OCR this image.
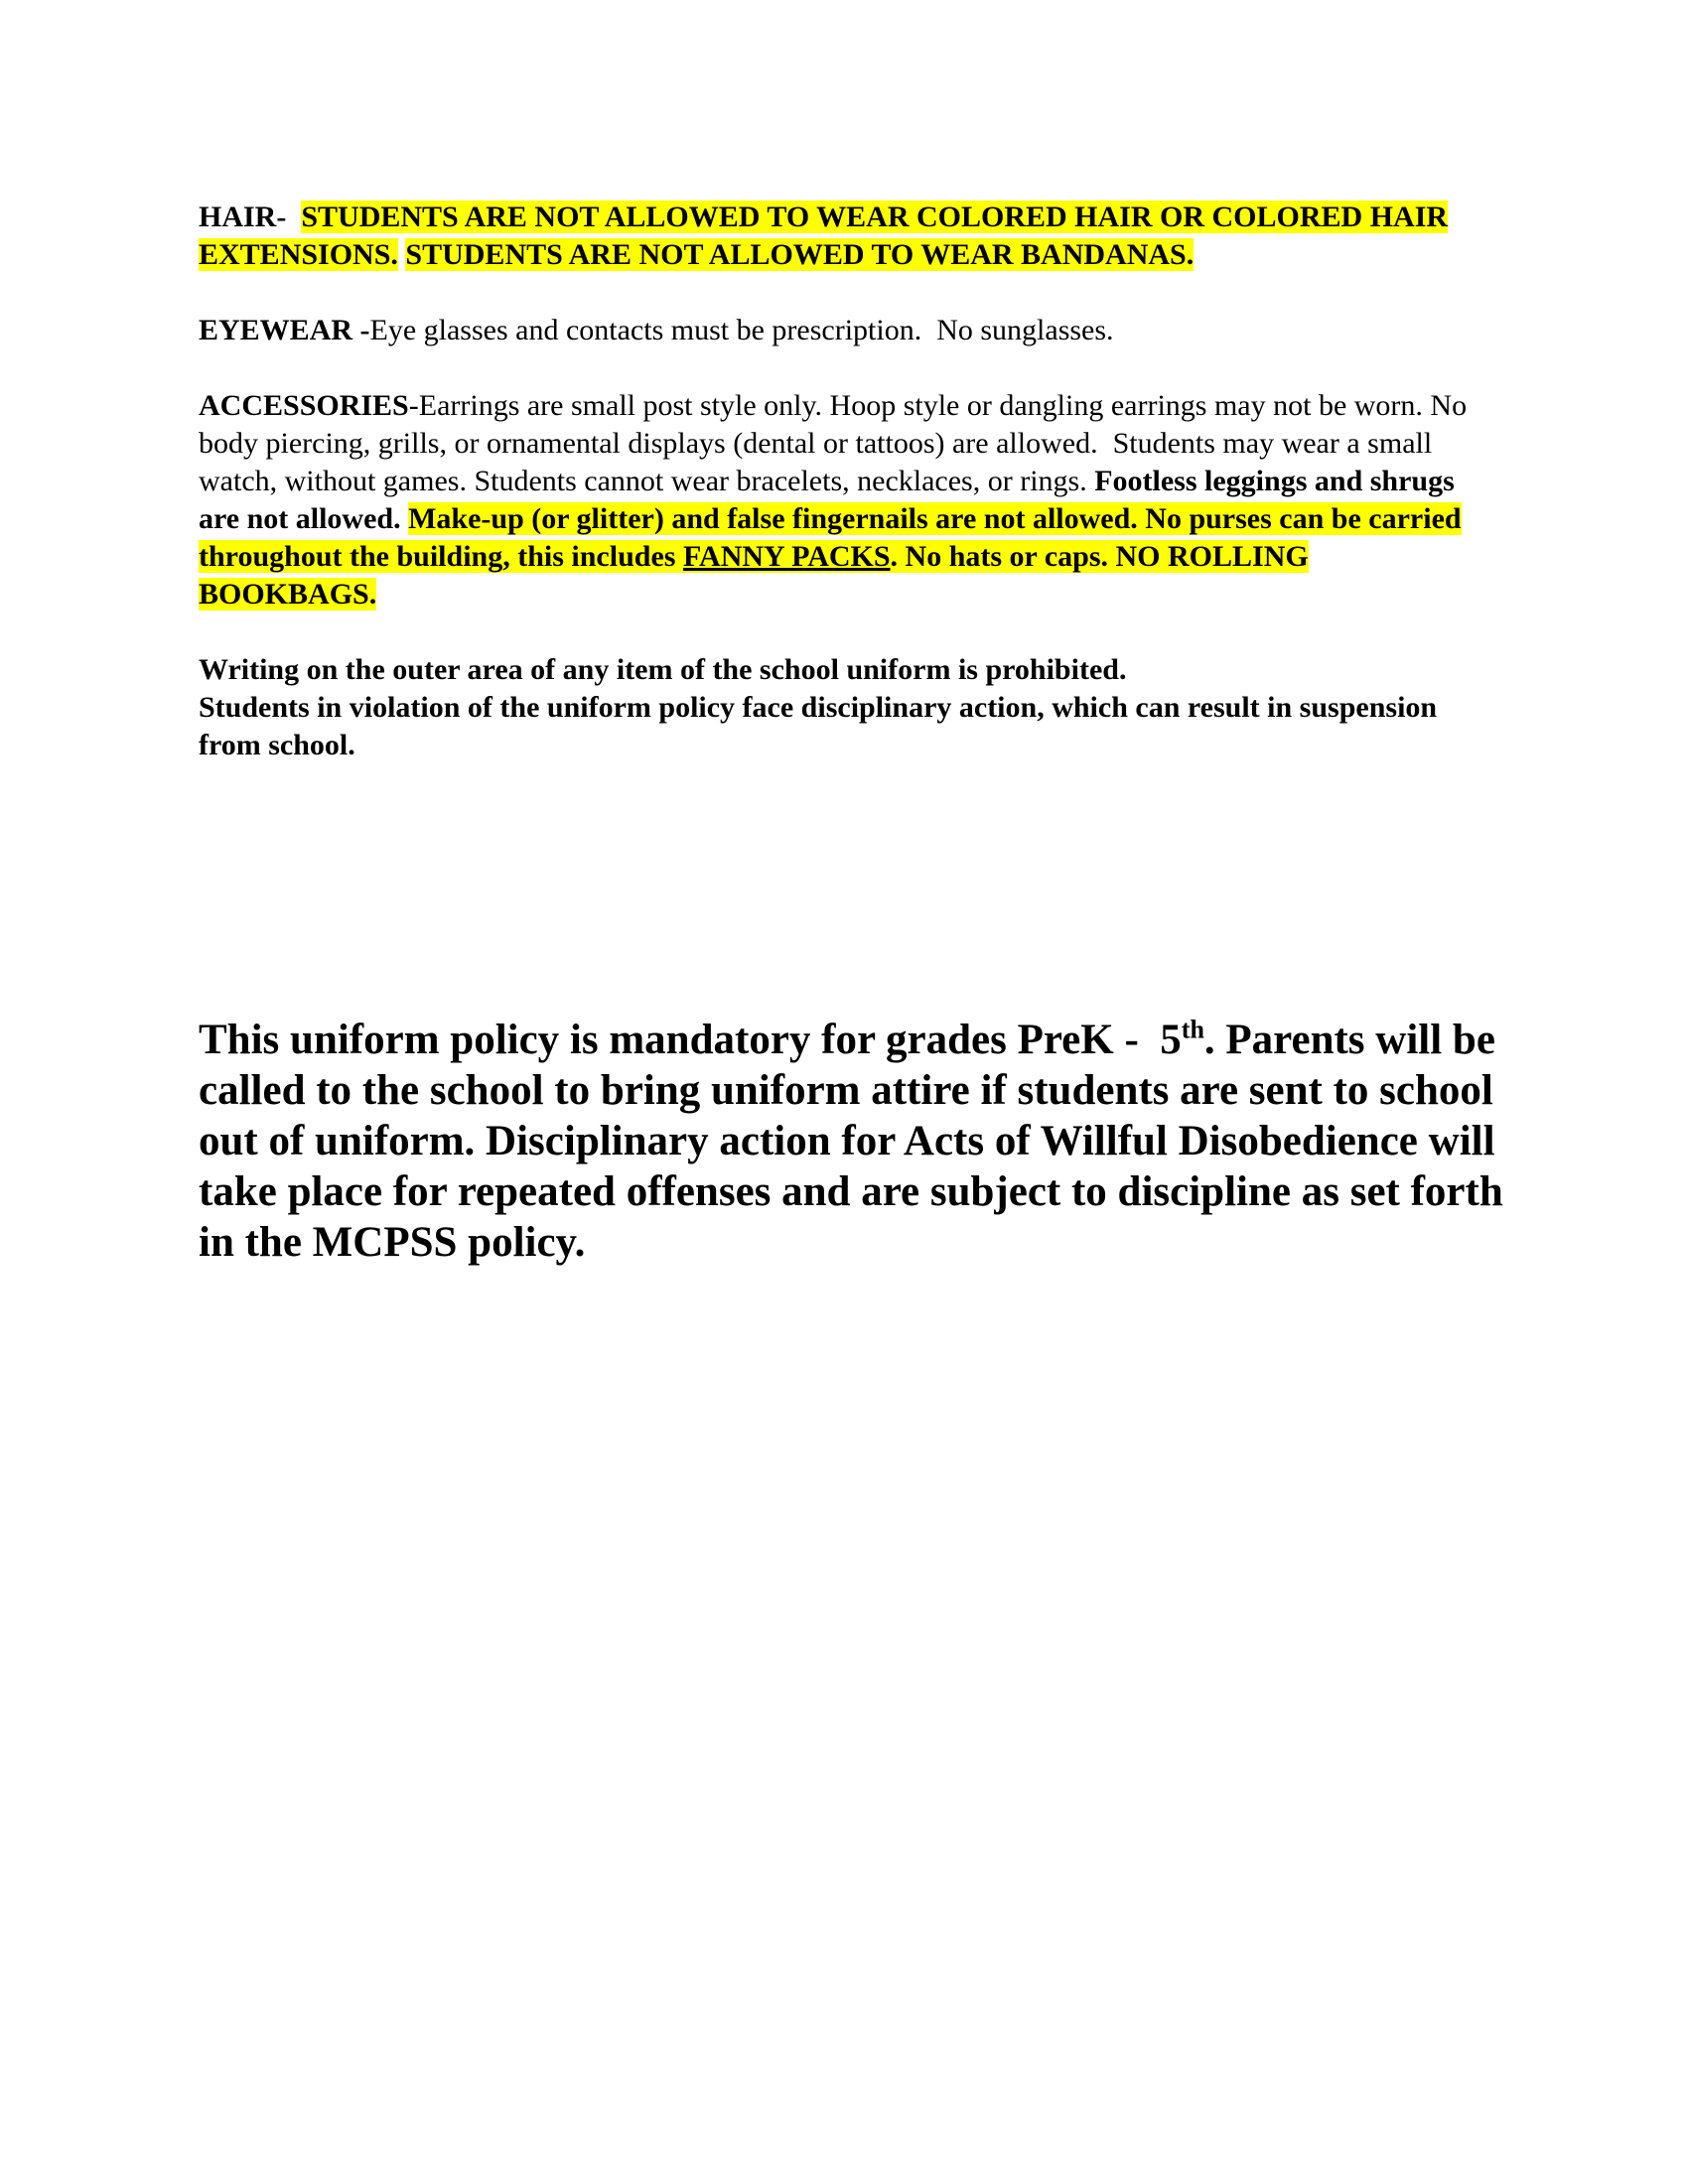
HAIR- STUDENTS ARE NOT ALLOWED TO WEAR COLORED HAIR OR COLORED HAIR EXTENSIONS. STUDENTS ARE NOT ALLOWED TO WEAR BANDANAS.

EYEWEAR -Eye glasses and contacts must be prescription.  No sunglasses.

ACCESSORIES-Earrings are small post style only. Hoop style or dangling earrings may not be worn. No body piercing, grills, or ornamental displays (dental or tattoos) are allowed.  Students may wear a small watch, without games. Students cannot wear bracelets, necklaces, or rings. Footless leggings and shrugs are not allowed. Make-up (or glitter) and false fingernails are not allowed. No purses can be carried throughout the building, this includes FANNY PACKS. No hats or caps. NO ROLLING BOOKBAGS.

Writing on the outer area of any item of the school uniform is prohibited.
Students in violation of the uniform policy face disciplinary action, which can result in suspension from school.

This uniform policy is mandatory for grades PreK -  5th. Parents will be called to the school to bring uniform attire if students are sent to school out of uniform. Disciplinary action for Acts of Willful Disobedience will take place for repeated offenses and are subject to discipline as set forth in the MCPSS policy.
